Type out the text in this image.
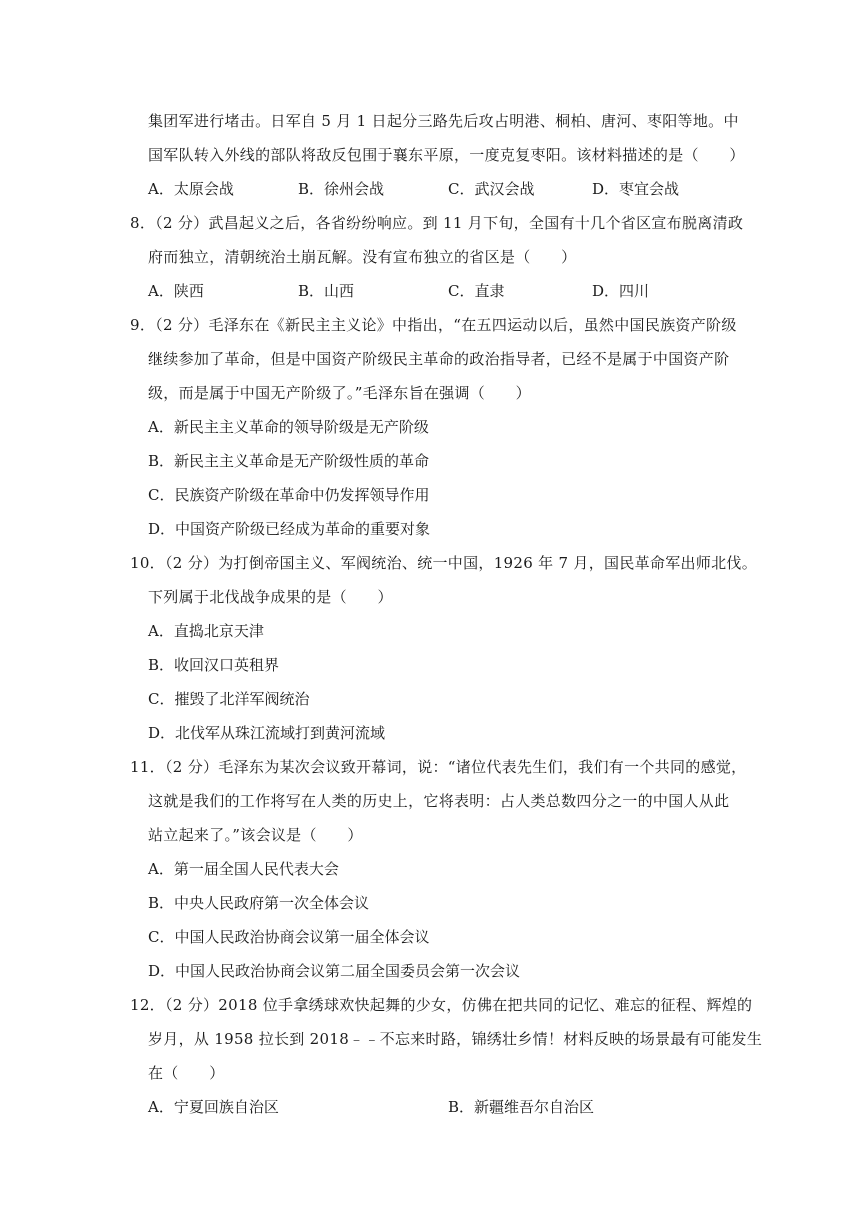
集团军进行堵击。日军自 5 月 1 日起分三路先后攻占明港、桐柏、唐河、枣阳等地。中
国军队转入外线的部队将敌反包围于襄东平原，一度克复枣阳。该材料描述的是（　　）
A．太原会战	B．徐州会战	C．武汉会战	D．枣宜会战
8．（2 分）武昌起义之后，各省纷纷响应。到 11 月下旬，全国有十几个省区宣布脱离清政
府而独立，清朝统治土崩瓦解。没有宣布独立的省区是（　　）
A．陕西	B．山西	C．直隶	D．四川
9．（2 分）毛泽东在《新民主主义论》中指出，“在五四运动以后，虽然中国民族资产阶级
继续参加了革命，但是中国资产阶级民主革命的政治指导者，已经不是属于中国资产阶
级，而是属于中国无产阶级了。”毛泽东旨在强调（　　）
A．新民主主义革命的领导阶级是无产阶级
B．新民主主义革命是无产阶级性质的革命
C．民族资产阶级在革命中仍发挥领导作用
D．中国资产阶级已经成为革命的重要对象
10．（2 分）为打倒帝国主义、军阀统治、统一中国，1926 年 7 月，国民革命军出师北伐。
下列属于北伐战争成果的是（　　）
A．直捣北京天津
B．收回汉口英租界
C．摧毁了北洋军阀统治
D．北伐军从珠江流域打到黄河流域
11．（2 分）毛泽东为某次会议致开幕词，说：“诸位代表先生们，我们有一个共同的感觉，
这就是我们的工作将写在人类的历史上，它将表明：占人类总数四分之一的中国人从此
站立起来了。”该会议是（　　）
A．第一届全国人民代表大会
B．中央人民政府第一次全体会议
C．中国人民政治协商会议第一届全体会议
D．中国人民政治协商会议第二届全国委员会第一次会议
12．（2 分）2018 位手拿绣球欢快起舞的少女，仿佛在把共同的记忆、难忘的征程、辉煌的
岁月，从 1958 拉长到 2018﹣﹣不忘来时路，锦绣壮乡情！材料反映的场景最有可能发生
在（　　）
A．宁夏回族自治区	B．新疆维吾尔自治区
